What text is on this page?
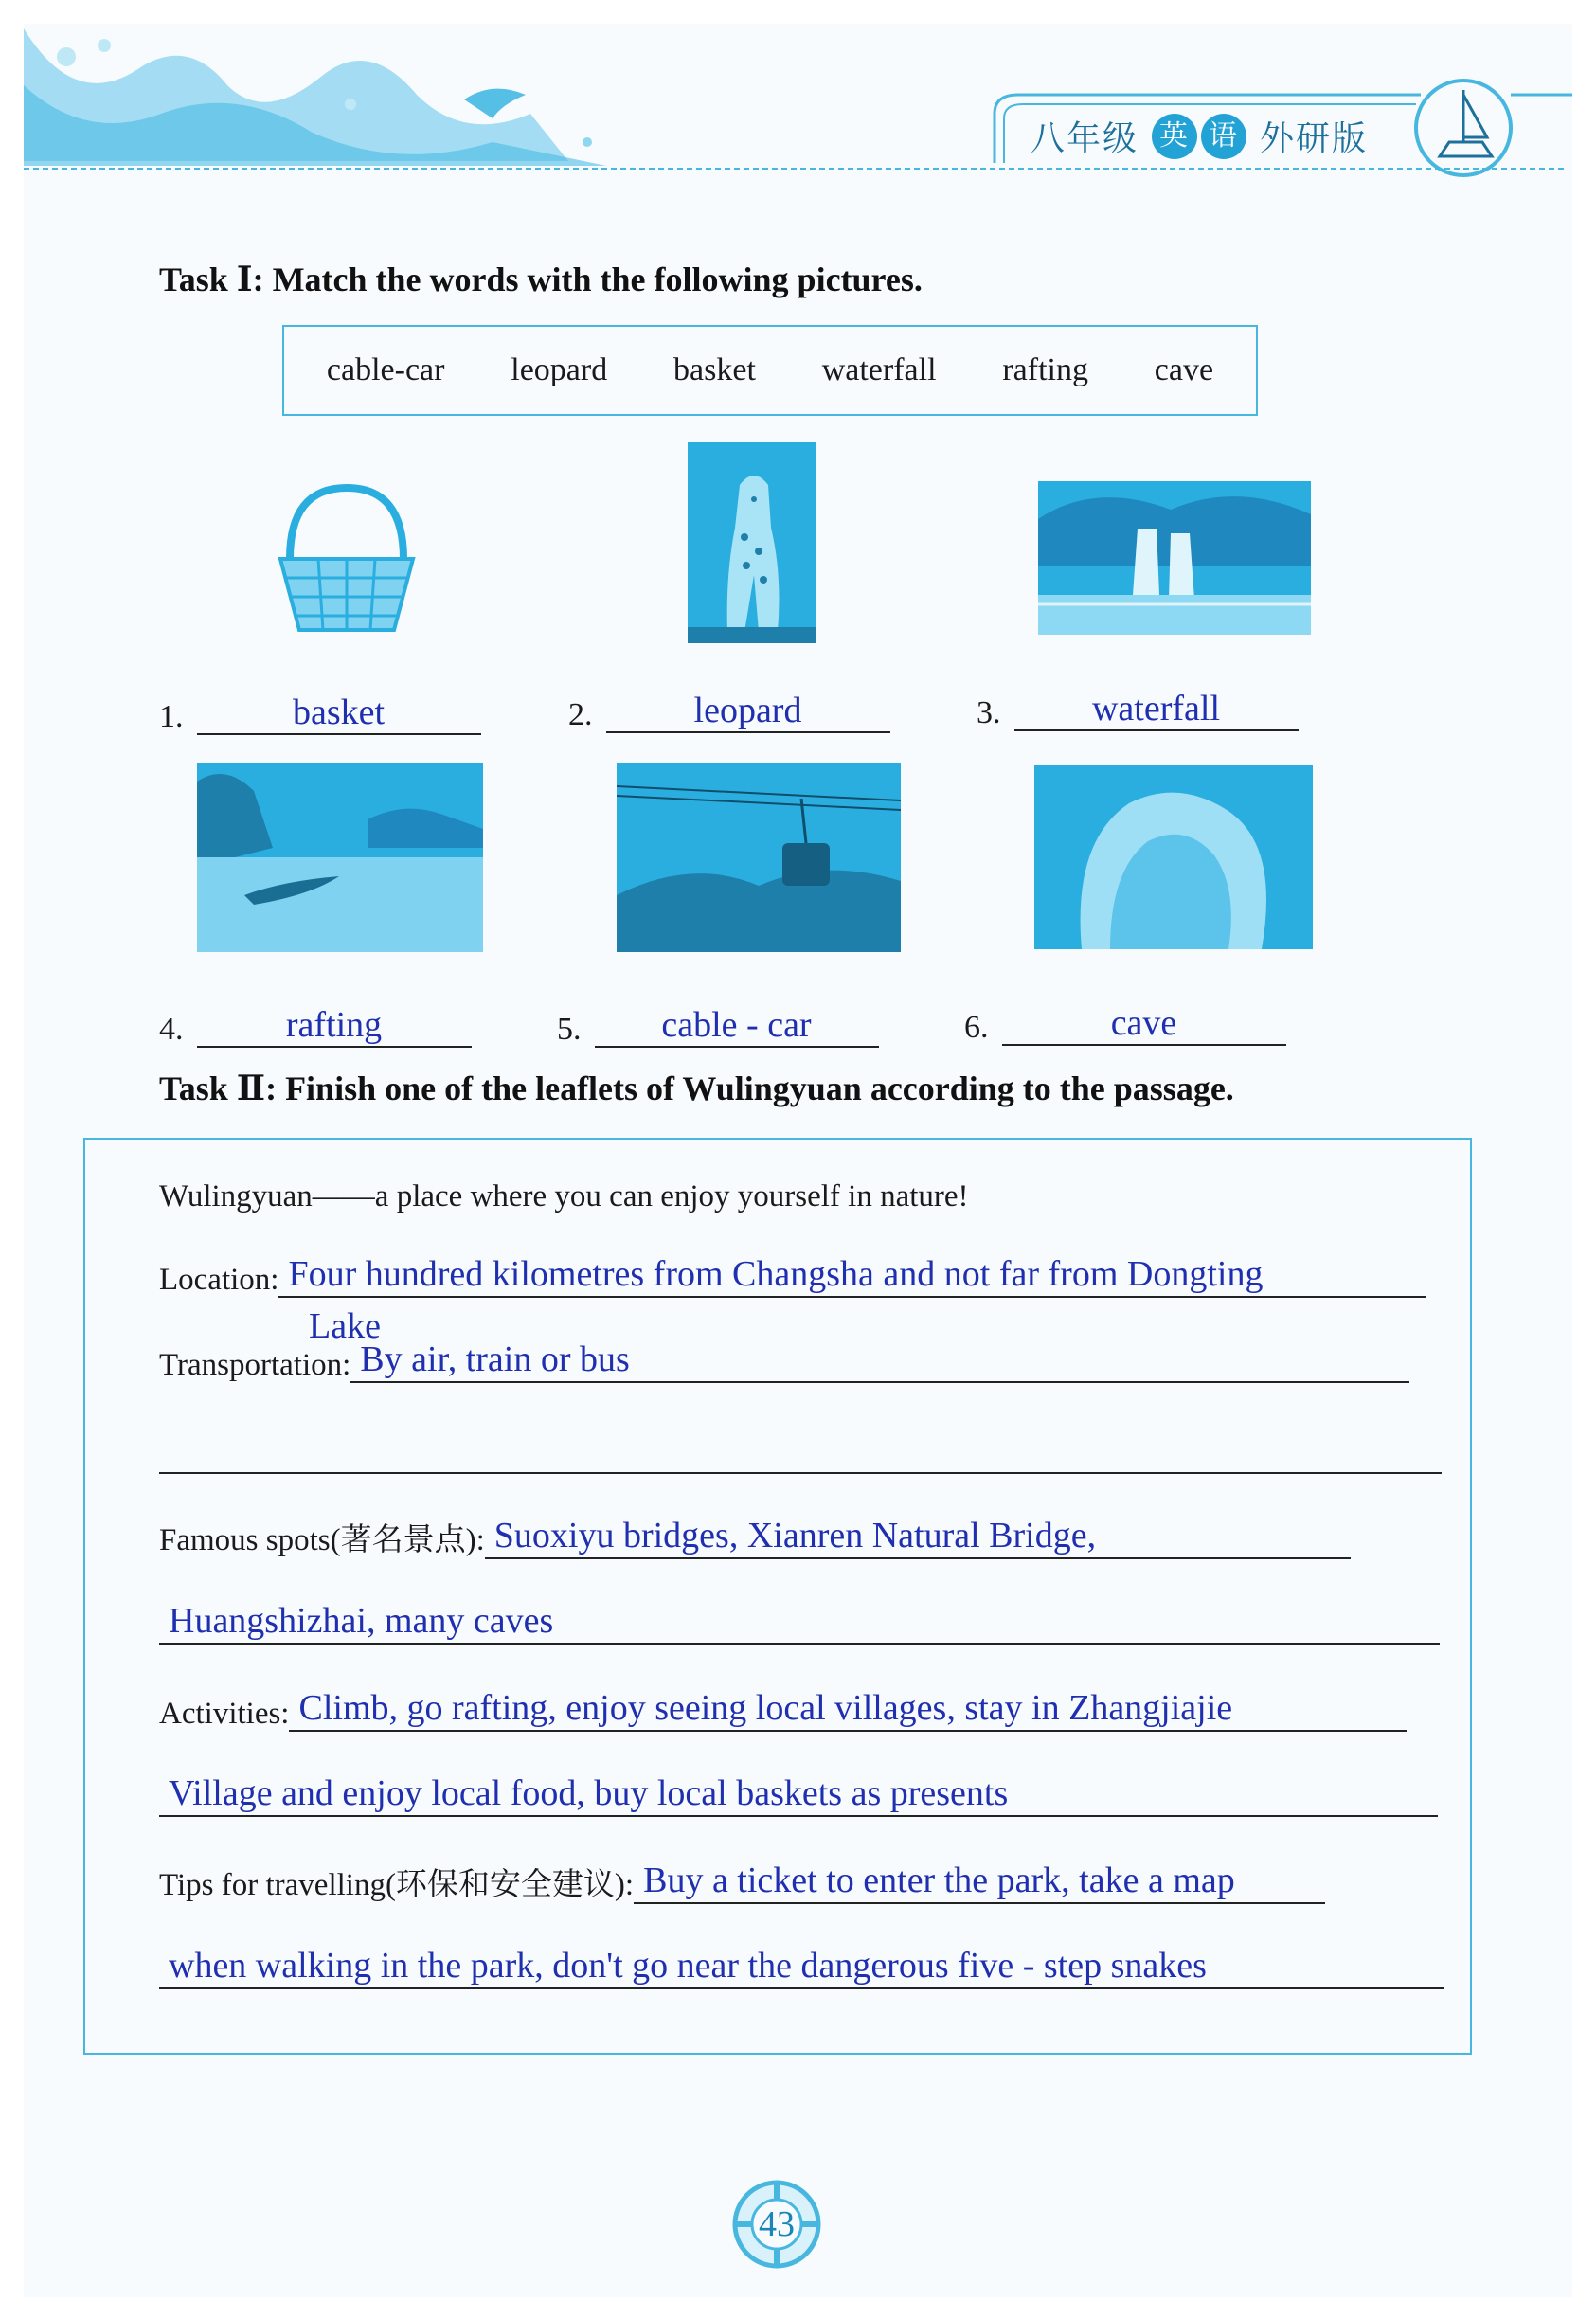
八年级 英 语 外研版
Task Ⅰ: Match the words with the following pictures.
cable-car leopard basket waterfall rafting cave
1.	basket	2.	leopard	3.	waterfall
4.	rafting	5.	cable - car	6.	cave
Task Ⅱ: Finish one of the leaflets of Wulingyuan according to the passage.
Wulingyuan——a place where you can enjoy yourself in nature!
Location: Four hundred kilometres from Changsha and not far from Dongting
Lake
Transportation: By air, train or bus
Famous spots(著名景点): Suoxiyu bridges, Xianren Natural Bridge,
Huangshizhai, many caves
Activities: Climb, go rafting, enjoy seeing local villages, stay in Zhangjiajie
Village and enjoy local food, buy local baskets as presents
Tips for travelling(环保和安全建议): Buy a ticket to enter the park, take a map
when walking in the park, don't go near the dangerous five - step snakes
43
